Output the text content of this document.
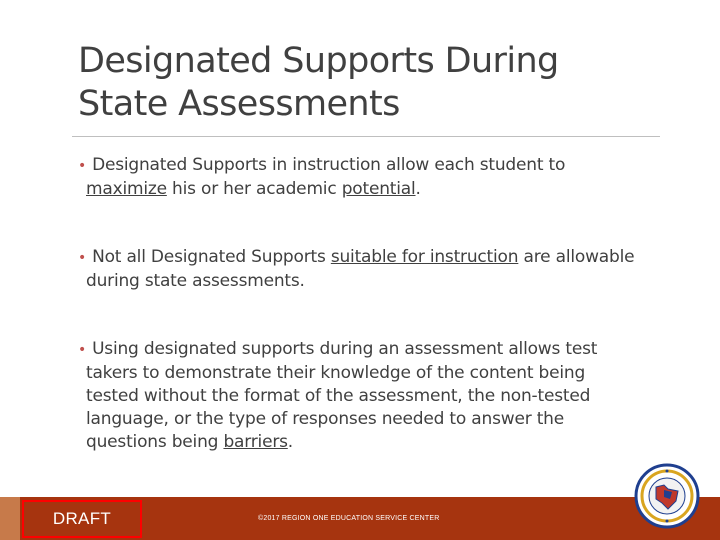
Designated Supports During
State Assessments
• Designated Supports in instruction allow each student to
maximize his or her academic potential.
• Not all Designated Supports suitable for instruction are allowable
during state assessments.
• Using designated supports during an assessment allows test
takers to demonstrate their knowledge of the content being
tested without the format of the assessment, the non-tested
language, or the type of responses needed to answer the
questions being barriers.
DRAFT	©2017 REGION ONE EDUCATION SERVICE CENTER
